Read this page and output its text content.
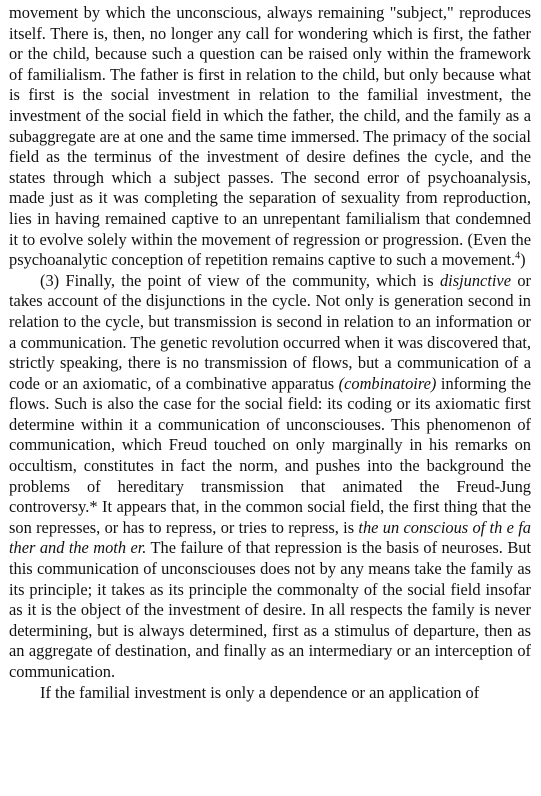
movement by which the unconscious, always remaining "subject," reproduces itself. There is, then, no longer any call for wondering which is first, the father or the child, because such a question can be raised only within the framework of familialism. The father is first in relation to the child, but only because what is first is the social investment in relation to the familial investment, the investment of the social field in which the father, the child, and the family as a subaggregate are at one and the same time immersed. The primacy of the social field as the terminus of the investment of desire defines the cycle, and the states through which a subject passes. The second error of psychoanalysis, made just as it was completing the separation of sexuality from reproduction, lies in having remained captive to an unrepentant familialism that condemned it to evolve solely within the movement of regression or progression. (Even the psychoanalytic conception of repetition remains captive to such a movement.$^4$)

(3) Finally, the point of view of the community, which is disjunctive or takes account of the disjunctions in the cycle. Not only is generation second in relation to the cycle, but transmission is second in relation to an information or a communication. The genetic revolution occurred when it was discovered that, strictly speaking, there is no transmission of flows, but a communication of a code or an axiomatic, of a combinative apparatus (combinatoire) informing the flows. Such is also the case for the social field: its coding or its axiomatic first determine within it a communication of unconsciouses. This phenomenon of communication, which Freud touched on only marginally in his remarks on occultism, constitutes in fact the norm, and pushes into the background the problems of hereditary transmission that animated the Freud-Jung controversy.* It appears that, in the common social field, the first thing that the son represses, or has to repress, or tries to repress, is the un conscious of th e fa ther and the moth er. The failure of that repression is the basis of neuroses. But this communication of unconsciouses does not by any means take the family as its principle; it takes as its principle the commonalty of the social field insofar as it is the object of the investment of desire. In all respects the family is never determining, but is always determined, first as a stimulus of departure, then as an aggregate of destination, and finally as an intermediary or an interception of communication.

If the familial investment is only a dependence or an application of
